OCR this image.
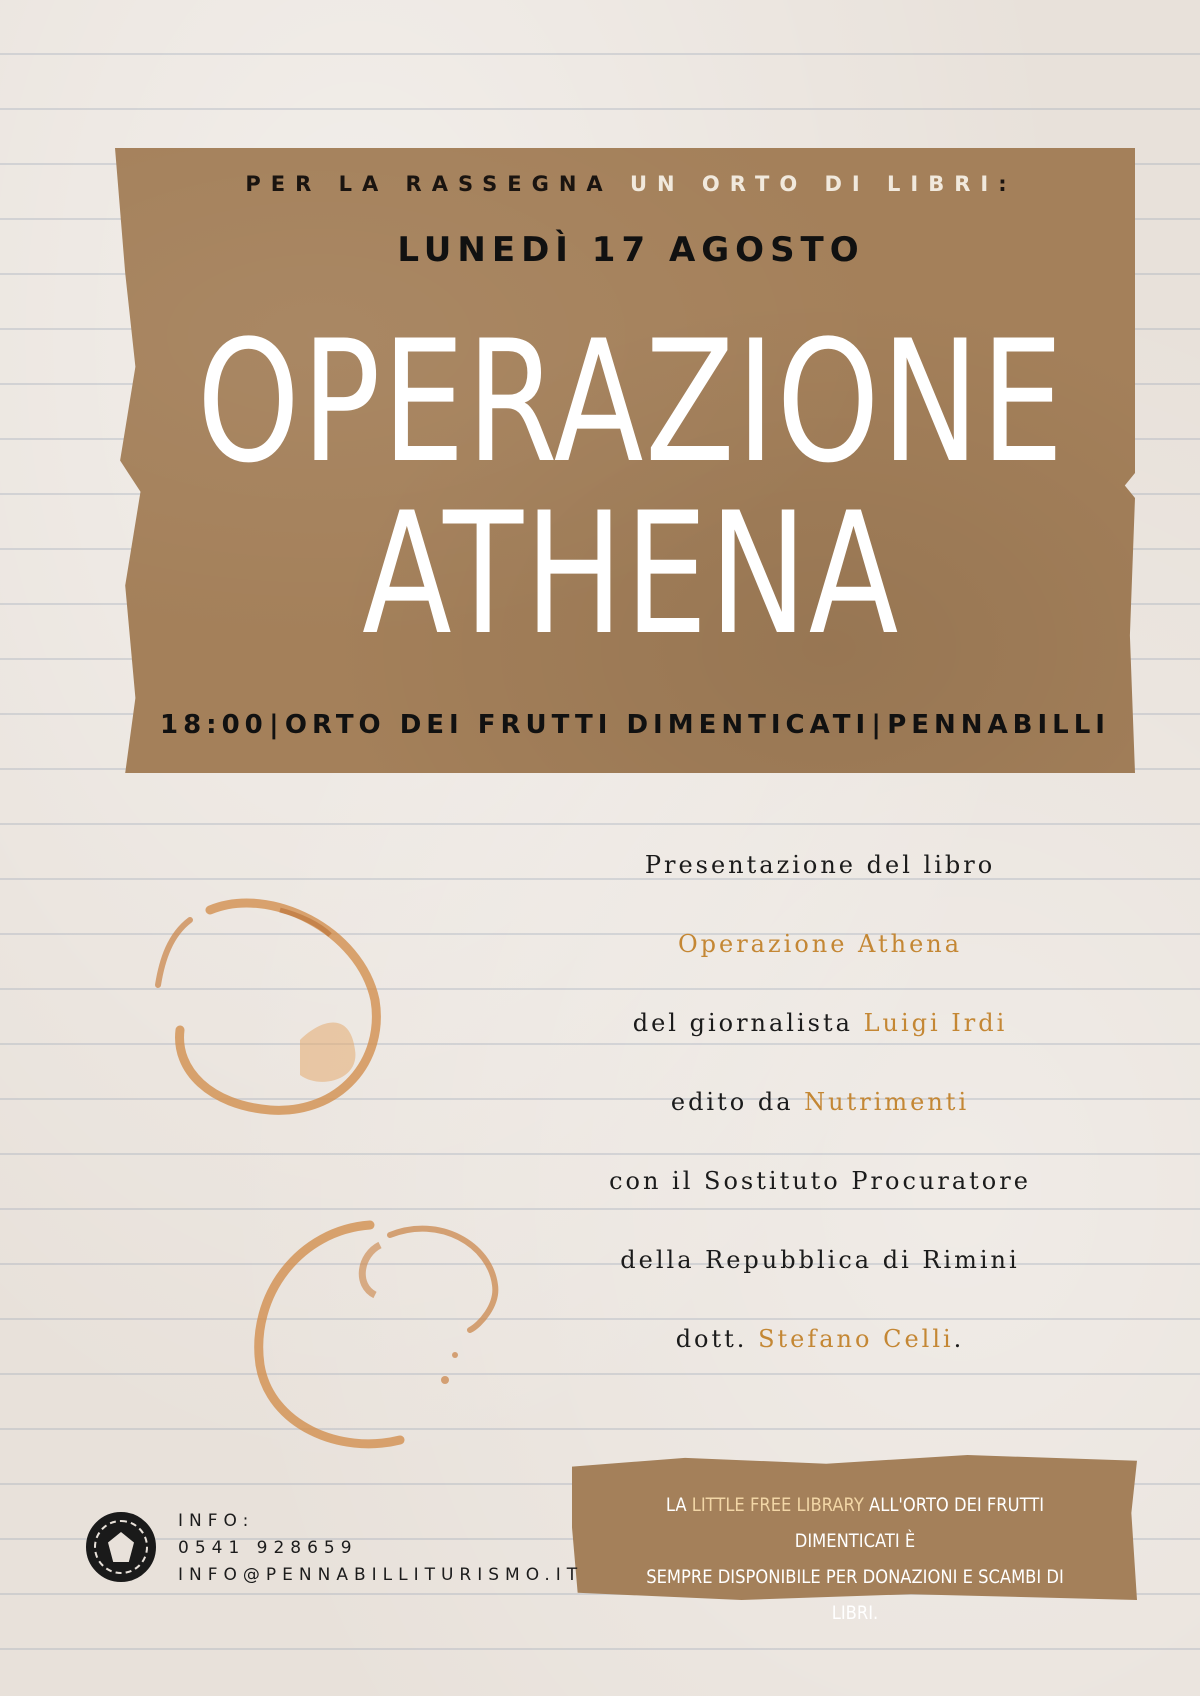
PER LA RASSEGNA UN ORTO DI LIBRI:
LUNEDÌ 17 AGOSTO
OPERAZIONE
ATHENA
18:00 | ORTO DEI FRUTTI DIMENTICATI | PENNABILLI
Presentazione del libro
Operazione Athena
del giornalista Luigi Irdi
edito da Nutrimenti
con il Sostituto Procuratore
della Repubblica di Rimini
dott. Stefano Celli.
LA LITTLE FREE LIBRARY ALL'ORTO DEI FRUTTI DIMENTICATI È
SEMPRE DISPONIBILE PER DONAZIONI E SCAMBI DI LIBRI.
INFO:
0541 928659
INFO@PENNABILLITURISMO.IT
